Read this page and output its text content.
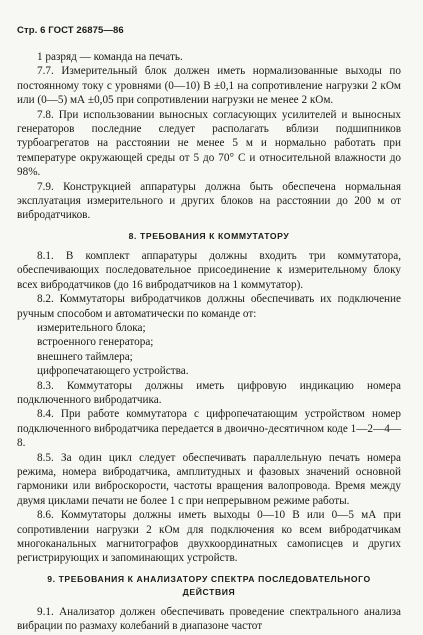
Стр. 6 ГОСТ 26875—86

1 разряд — команда на печать.

7.7. Измерительный блок должен иметь нормализованные выходы по постоянному току с уровнями (0—10) В ±0,1 на сопротивление нагрузки 2 кОм или (0—5) мА ±0,05 при сопротивлении нагрузки не менее 2 кОм.

7.8. При использовании выносных согласующих усилителей и выносных генераторов последние следует располагать вблизи подшипников турбоагрегатов на расстоянии не менее 5 м и нормально работать при температуре окружающей среды от 5 до 70° С и относительной влажности до 98%.

7.9. Конструкцией аппаратуры должна быть обеспечена нормальная эксплуатация измерительного и других блоков на расстоянии до 200 м от вибродатчиков.

8. ТРЕБОВАНИЯ К КОММУТАТОРУ

8.1. В комплект аппаратуры должны входить три коммутатора, обеспечивающих последовательное присоединение к измерительному блоку всех вибродатчиков (до 16 вибродатчиков на 1 коммутатор).

8.2. Коммутаторы вибродатчиков должны обеспечивать их подключение ручным способом и автоматически по команде от:

измерительного блока;

встроенного генератора;

внешнего таймлера;

цифропечатающего устройства.

8.3. Коммутаторы должны иметь цифровую индикацию номера подключенного вибродатчика.

8.4. При работе коммутатора с цифропечатающим устройством номер подключенного вибродатчика передается в двоично-десятичном коде 1—2—4—8.

8.5. За один цикл следует обеспечивать параллельную печать номера режима, номера вибродатчика, амплитудных и фазовых значений основной гармоники или виброскорости, частоты вращения валопровода. Время между двумя циклами печати не более 1 с при непрерывном режиме работы.

8.6. Коммутаторы должны иметь выходы 0—10 В или 0—5 мА при сопротивлении нагрузки 2 кОм для подключения ко всем вибродатчикам многоканальных магнитографов двухкоординатных самописцев и других регистрирующих и запоминающих устройств.

9. ТРЕБОВАНИЯ К АНАЛИЗАТОРУ СПЕКТРА ПОСЛЕДОВАТЕЛЬНОГО
ДЕЙСТВИЯ

9.1. Анализатор должен обеспечивать проведение спектрального анализа вибрации по размаху колебаний в диапазоне частот
